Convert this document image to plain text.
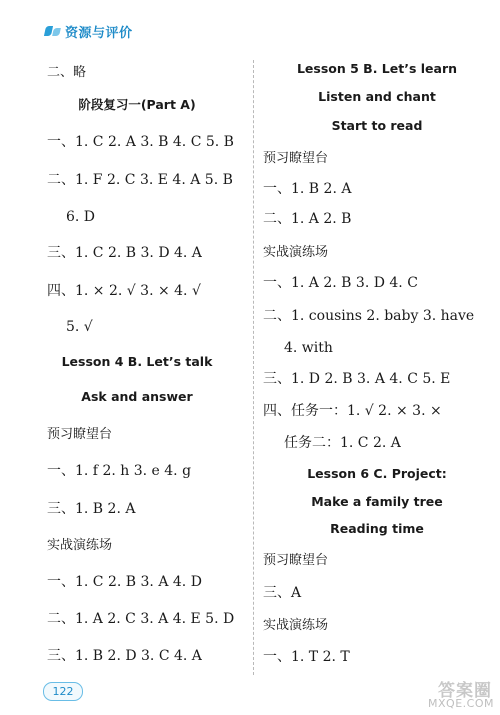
资源与评价
二、略
阶段复习一(Part A)
一、1. C 2. A 3. B 4. C 5. B
二、1. F 2. C 3. E 4. A 5. B
6. D
三、1. C 2. B 3. D 4. A
四、1. × 2. √ 3. × 4. √
5. √
Lesson 4 B. Let’s talk
Ask and answer
预习瞭望台
一、1. f 2. h 3. e 4. g
三、1. B 2. A
实战演练场
一、1. C 2. B 3. A 4. D
二、1. A 2. C 3. A 4. E 5. D
三、1. B 2. D 3. C 4. A
Lesson 5 B. Let’s learn
Listen and chant
Start to read
预习瞭望台
一、1. B 2. A
二、1. A 2. B
实战演练场
一、1. A 2. B 3. D 4. C
二、1. cousins 2. baby 3. have
4. with
三、1. D 2. B 3. A 4. C 5. E
四、任务一：1. √ 2. × 3. ×
任务二：1. C 2. A
Lesson 6 C. Project:
Make a family tree
Reading time
预习瞭望台
三、A
实战演练场
一、1. T 2. T
122	答案圈
MXQE.COM
